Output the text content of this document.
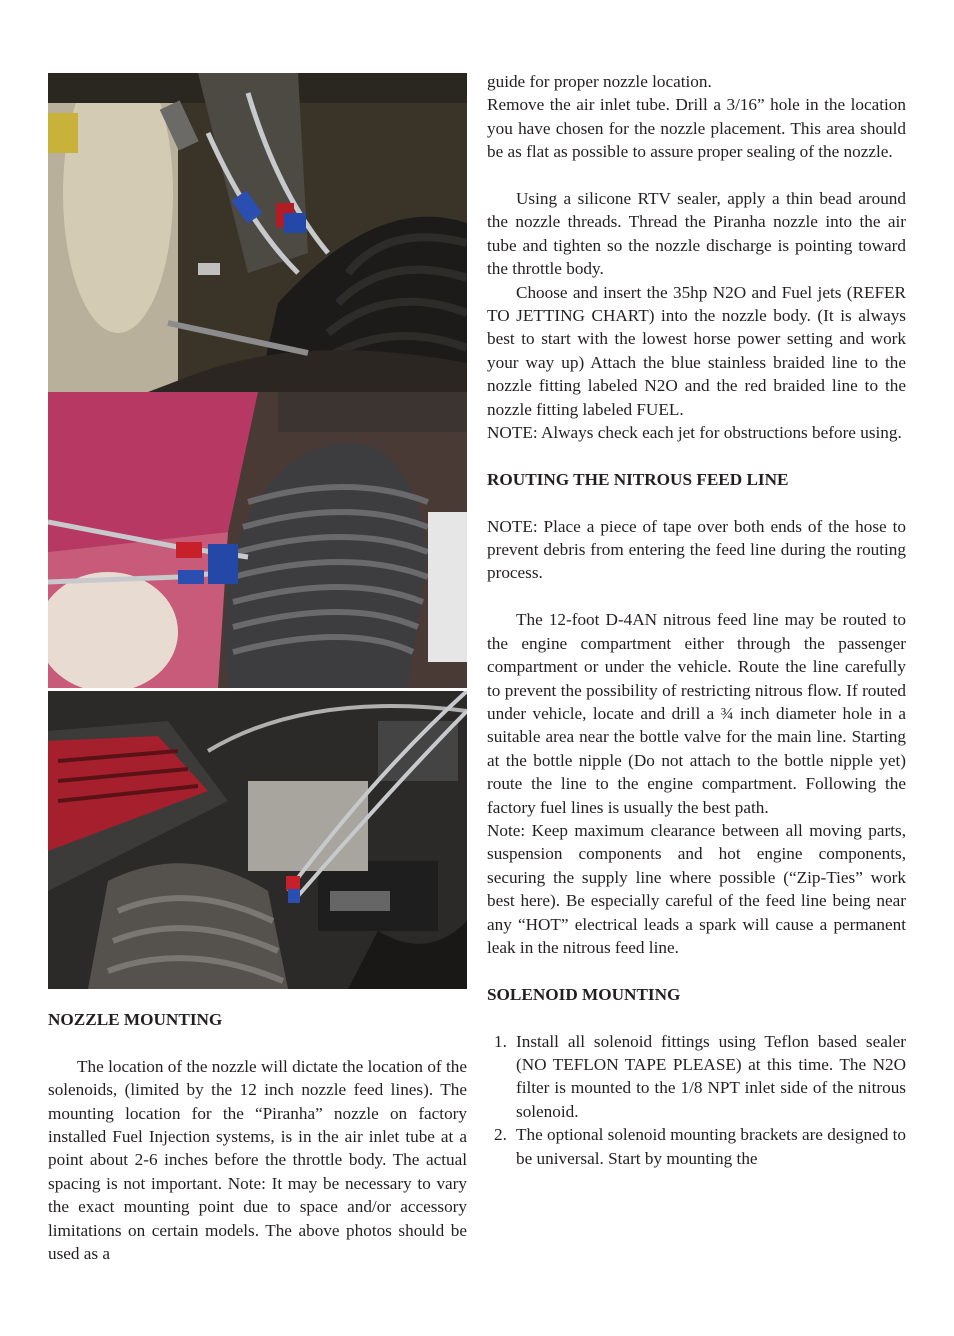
NOZZLE MOUNTING

The location of the nozzle will dictate the location of the solenoids, (limited by the 12 inch nozzle feed lines). The mounting location for the “Piranha” nozzle on factory installed Fuel Injection systems, is in the air inlet tube at a point about 2-6 inches before the throttle body. The actual spacing is not important. Note: It may be necessary to vary the exact mounting point due to space and/or accessory limitations on certain models. The above photos should be used as a

guide for proper nozzle location.

Remove the air inlet tube. Drill a 3/16” hole in the location you have chosen for the nozzle placement. This area should be as flat as possible to assure proper sealing of the nozzle.

Using a silicone RTV sealer, apply a thin bead around the nozzle threads. Thread the Piranha nozzle into the air tube and tighten so the nozzle discharge is pointing toward the throttle body.

Choose and insert the 35hp N2O and Fuel jets (REFER TO JETTING CHART) into the nozzle body. (It is always best to start with the lowest horse power setting and work your way up) Attach the blue stainless braided line to the nozzle fitting labeled N2O and the red braided line to the nozzle fitting labeled FUEL.

NOTE: Always check each jet for obstructions before using.

ROUTING THE NITROUS FEED LINE

NOTE: Place a piece of tape over both ends of the hose to prevent debris from entering the feed line during the routing process.

The 12-foot D-4AN nitrous feed line may be routed to the engine compartment either through the passenger compartment or under the vehicle. Route the line carefully to prevent the possibility of restricting nitrous flow. If routed under vehicle, locate and drill a ¾ inch diameter hole in a suitable area near the bottle valve for the main line. Starting at the bottle nipple (Do not attach to the bottle nipple yet) route the line to the engine compartment. Following the factory fuel lines is usually the best path.

Note: Keep maximum clearance between all moving parts, suspension components and hot engine components, securing the supply line where possible (“Zip-Ties” work best here). Be especially careful of the feed line being near any “HOT” electrical leads a spark will cause a permanent leak in the nitrous feed line.

SOLENOID MOUNTING

1. Install all solenoid fittings using Teflon based sealer (NO TEFLON TAPE PLEASE) at this time. The N2O filter is mounted to the 1/8 NPT inlet side of the nitrous solenoid.

2. The optional solenoid mounting brackets are designed to be universal. Start by mounting the
